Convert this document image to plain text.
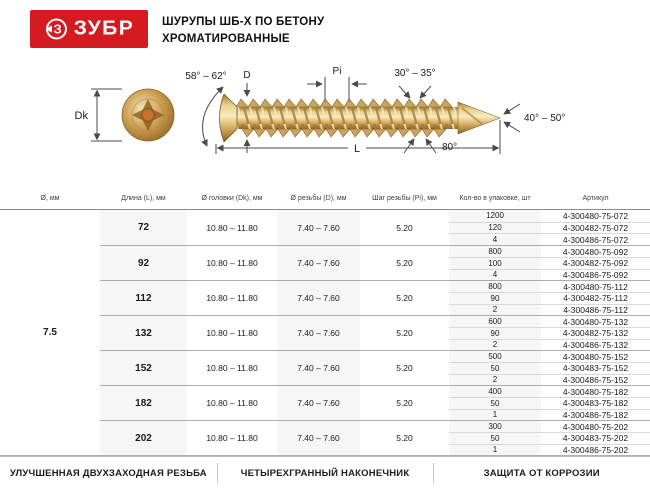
З ЗУБР ШУРУПЫ ШБ-Х ПО БЕТОНУ
ХРОМАТИРОВАННЫЕ
Dk
58° – 62° D	Pi	30° – 35°
40° – 50°
80°
L
Ø, мм	Длина (L), мм	Ø головки (Dk), мм	Ø резьбы (D), мм	Шаг резьбы (Pi), мм	Кол-во в упаковке, шт	Артикул
7.5
72	10.80 – 11.80	7.40 – 7.60	5.20
1200	4-300480-75-072
120	4-300482-75-072
4	4-300486-75-072
92	10.80 – 11.80	7.40 – 7.60	5.20
800	4-300480-75-092
100	4-300482-75-092
4	4-300486-75-092
112	10.80 – 11.80	7.40 – 7.60	5.20
800	4-300480-75-112
90	4-300482-75-112
2	4-300486-75-112
132	10.80 – 11.80	7.40 – 7.60	5.20
600	4-300480-75-132
90	4-300482-75-132
2	4-300486-75-132
152	10.80 – 11.80	7.40 – 7.60	5.20
500	4-300480-75-152
50	4-300483-75-152
2	4-300486-75-152
182	10.80 – 11.80	7.40 – 7.60	5.20
400	4-300480-75-182
50	4-300483-75-182
1	4-300486-75-182
202	10.80 – 11.80	7.40 – 7.60	5.20
300	4-300480-75-202
50	4-300483-75-202
1	4-300486-75-202
УЛУЧШЕННАЯ ДВУХЗАХОДНАЯ РЕЗЬБА	ЧЕТЫРЕХГРАННЫЙ НАКОНЕЧНИК	ЗАЩИТА ОТ КОРРОЗИИ
